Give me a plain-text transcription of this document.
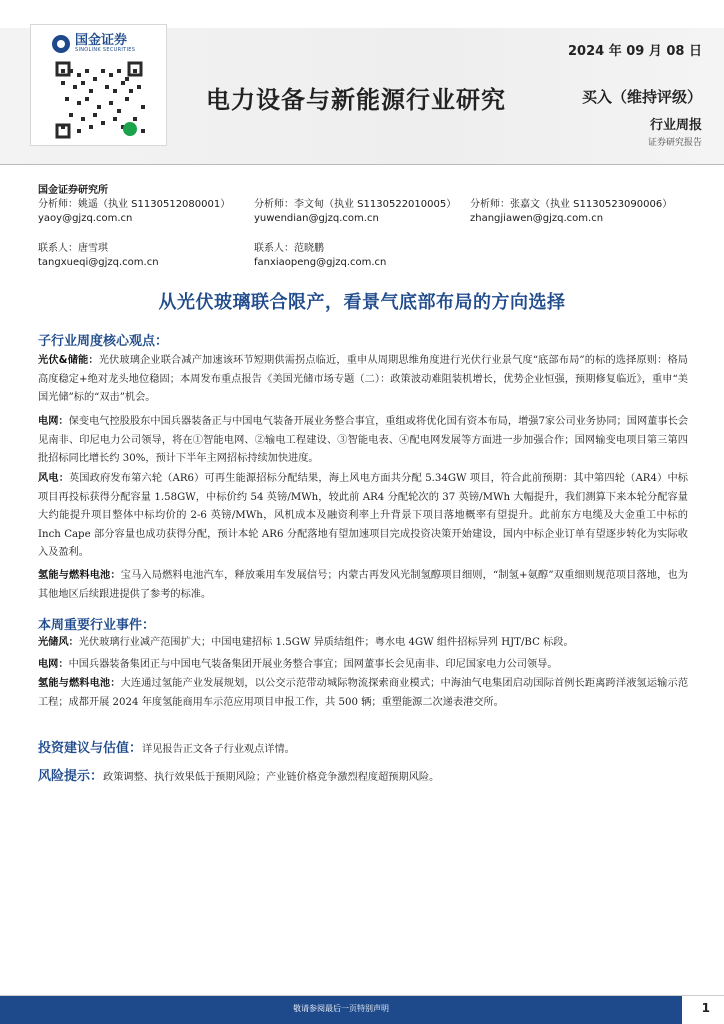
国金证券
SINOLINK SECURITIES	2024 年 09 月 08 日
电力设备与新能源行业研究	买入（维持评级）
行业周报
证券研究报告
国金证券研究所
分析师：姚遥（执业 S1130512080001）
yaoy@gjzq.com.cn
分析师：李文甸（执业 S1130522010005）
yuwendian@gjzq.com.cn
分析师：张嘉文（执业 S1130523090006）
zhangjiawen@gjzq.com.cn
联系人：唐雪琪
tangxueqi@gjzq.com.cn
联系人：范晓鹏
fanxiaopeng@gjzq.com.cn
从光伏玻璃联合限产，看景气底部布局的方向选择
子行业周度核心观点：
光伏&储能：光伏玻璃企业联合减产加速该环节短期供需拐点临近，重申从周期思维角度进行光伏行业景气度“底部布局”的标的选择原则：格局高度稳定+绝对龙头地位稳固；本周发布重点报告《美国光储市场专题（二）：政策波动难阻装机增长，优势企业恒强，预期修复临近》，重申“美国光储”标的“双击”机会。
电网：保变电气控股股东中国兵器装备正与中国电气装备开展业务整合事宜，重组或将优化国有资本布局，增强7家公司业务协同；国网董事长会见南非、印尼电力公司领导，将在①智能电网、②输电工程建设、③智能电表、④配电网发展等方面进一步加强合作；国网输变电项目第三第四批招标同比增长约 30%，预计下半年主网招标持续加快进度。
风电：英国政府发布第六轮（AR6）可再生能源招标分配结果，海上风电方面共分配 5.34GW 项目，符合此前预期：其中第四轮（AR4）中标项目再投标获得分配容量 1.58GW，中标价约 54 英镑/MWh，较此前 AR4 分配轮次的 37 英镑/MWh 大幅提升，我们测算下来本轮分配容量大约能提升项目整体中标均价的 2-6 英镑/MWh，风机成本及融资利率上升背景下项目落地概率有望提升。此前东方电缆及大金重工中标的 Inch Cape 部分容量也成功获得分配，预计本轮 AR6 分配落地有望加速项目完成投资决策开始建设，国内中标企业订单有望逐步转化为实际收入及盈利。
氢能与燃料电池：宝马入局燃料电池汽车，释放乘用车发展信号；内蒙古再发风光制氢醇项目细则，“制氢+氨醇”双重细则规范项目落地，也为其他地区后续跟进提供了参考的标准。
本周重要行业事件：
光储风：光伏玻璃行业减产范围扩大；中国电建招标 1.5GW 异质结组件；粤水电 4GW 组件招标异列 HJT/BC 标段。
电网：中国兵器装备集团正与中国电气装备集团开展业务整合事宜；国网董事长会见南非、印尼国家电力公司领导。
氢能与燃料电池：大连通过氢能产业发展规划，以公交示范带动城际物流探索商业模式；中海油气电集团启动国际首例长距离跨洋液氢运输示范工程；成都开展 2024 年度氢能商用车示范应用项目申报工作，共 500 辆；重塑能源二次递表港交所。
投资建议与估值：详见报告正文各子行业观点详情。
风险提示：政策调整、执行效果低于预期风险；产业链价格竞争激烈程度超预期风险。
敬请参阅最后一页特别声明	1
